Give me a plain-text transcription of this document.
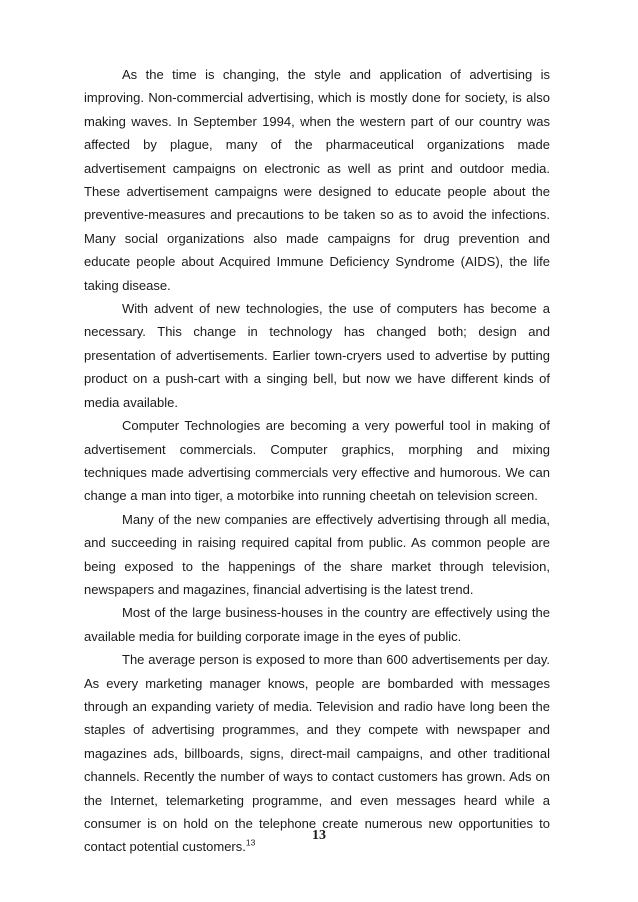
As the time is changing, the style and application of advertising is improving. Non-commercial advertising, which is mostly done for society, is also making waves. In September 1994, when the western part of our country was affected by plague, many of the pharmaceutical organizations made advertisement campaigns on electronic as well as print and outdoor media. These advertisement campaigns were designed to educate people about the preventive-measures and precautions to be taken so as to avoid the infections. Many social organizations also made campaigns for drug prevention and educate people about Acquired Immune Deficiency Syndrome (AIDS), the life taking disease.

With advent of new technologies, the use of computers has become a necessary. This change in technology has changed both; design and presentation of advertisements. Earlier town-cryers used to advertise by putting product on a push-cart with a singing bell, but now we have different kinds of media available.

Computer Technologies are becoming a very powerful tool in making of advertisement commercials. Computer graphics, morphing and mixing techniques made advertising commercials very effective and humorous. We can change a man into tiger, a motorbike into running cheetah on television screen.

Many of the new companies are effectively advertising through all media, and succeeding in raising required capital from public. As common people are being exposed to the happenings of the share market through television, newspapers and magazines, financial advertising is the latest trend.

Most of the large business-houses in the country are effectively using the available media for building corporate image in the eyes of public.

The average person is exposed to more than 600 advertisements per day. As every marketing manager knows, people are bombarded with messages through an expanding variety of media. Television and radio have long been the staples of advertising programmes, and they compete with newspaper and magazines ads, billboards, signs, direct-mail campaigns, and other traditional channels. Recently the number of ways to contact customers has grown. Ads on the Internet, telemarketing programme, and even messages heard while a consumer is on hold on the telephone create numerous new opportunities to contact potential customers.$^{13}$

13
